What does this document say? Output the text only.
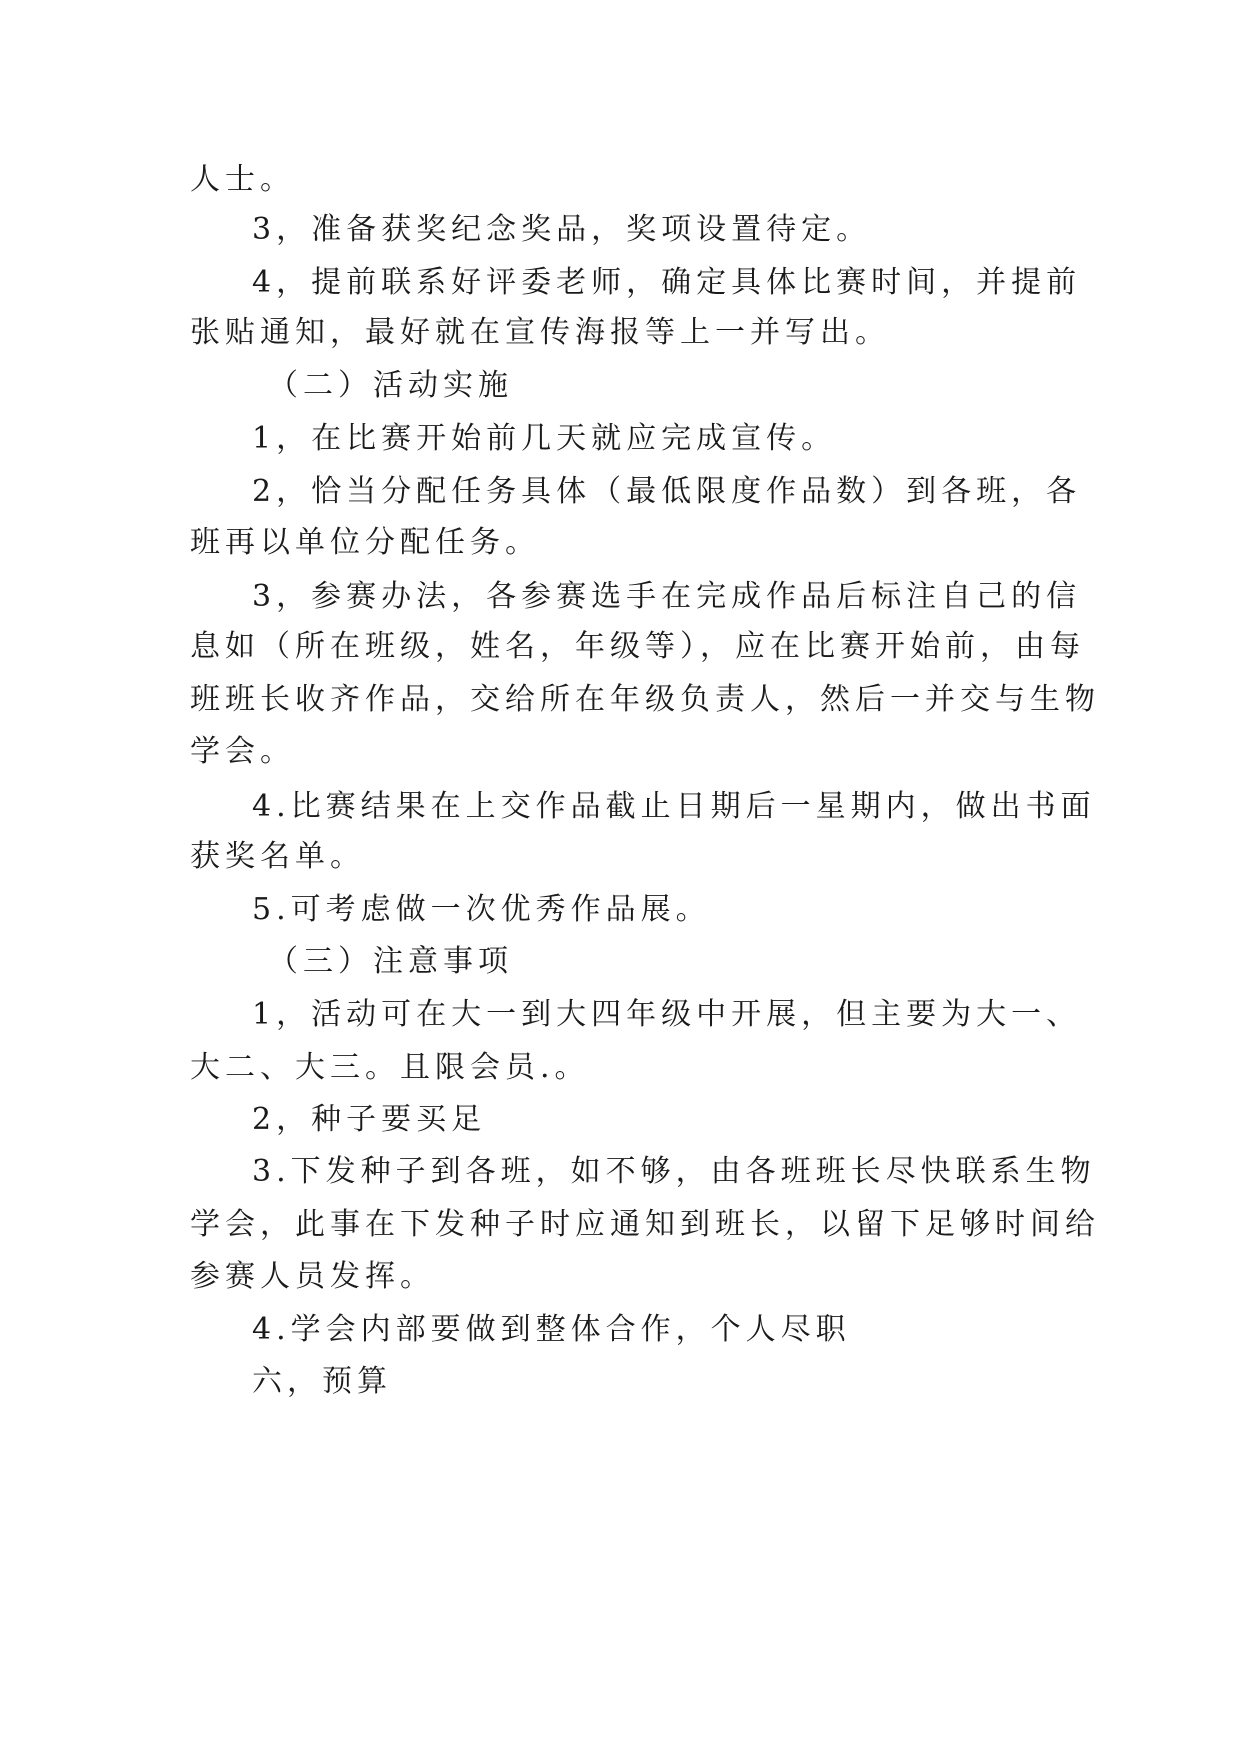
人士。
3，准备获奖纪念奖品，奖项设置待定。
4，提前联系好评委老师，确定具体比赛时间，并提前
张贴通知，最好就在宣传海报等上一并写出。
（二）活动实施
1，在比赛开始前几天就应完成宣传。
2，恰当分配任务具体（最低限度作品数）到各班，各
班再以单位分配任务。
3，参赛办法，各参赛选手在完成作品后标注自己的信
息如（所在班级，姓名，年级等），应在比赛开始前，由每
班班长收齐作品，交给所在年级负责人，然后一并交与生物
学会。
4.比赛结果在上交作品截止日期后一星期内，做出书面
获奖名单。
5.可考虑做一次优秀作品展。
（三）注意事项
1，活动可在大一到大四年级中开展，但主要为大一、
大二、大三。且限会员.。
2，种子要买足
3.下发种子到各班，如不够，由各班班长尽快联系生物
学会，此事在下发种子时应通知到班长，以留下足够时间给
参赛人员发挥。
4.学会内部要做到整体合作，个人尽职
六，预算
